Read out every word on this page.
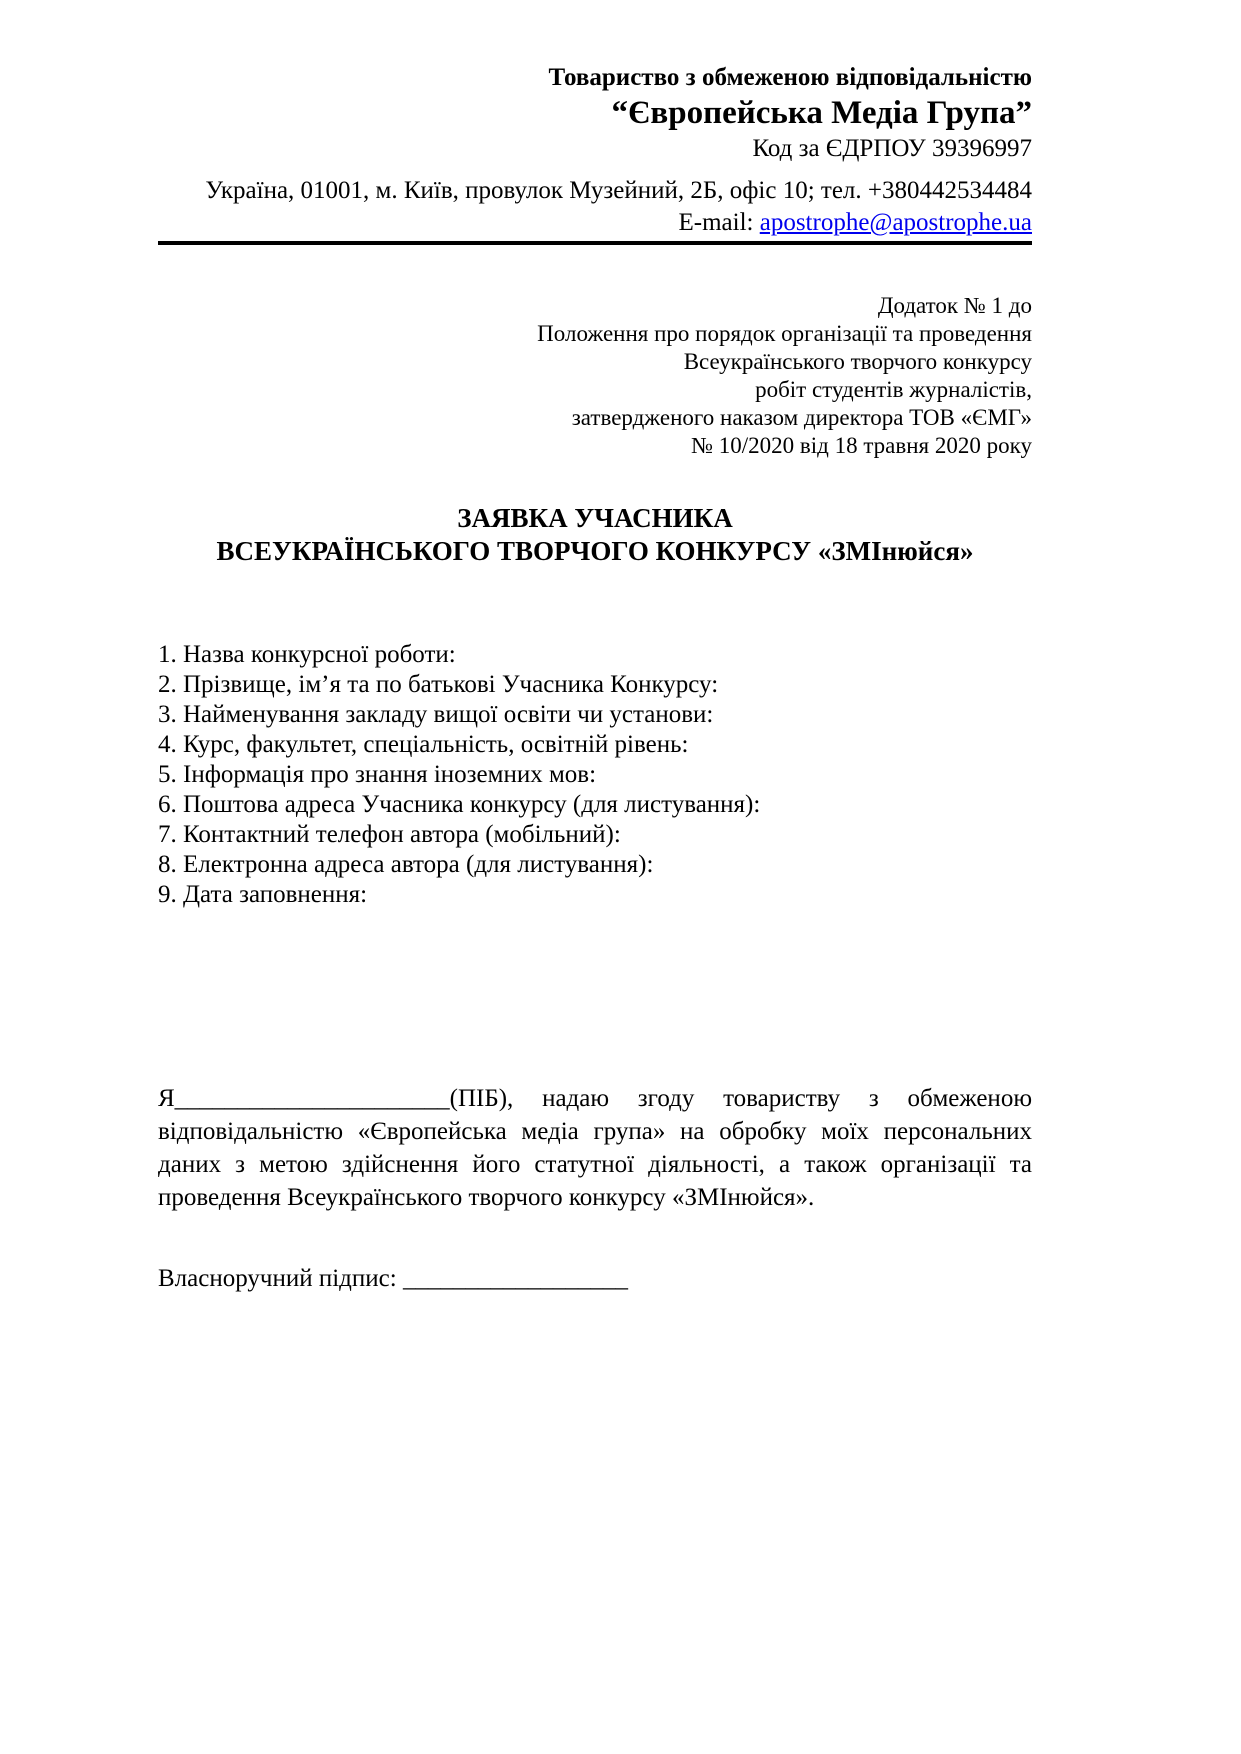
Товариство з обмеженою відповідальністю
“Європейська Медіа Група”
Код за ЄДРПОУ 39396997
Україна, 01001, м. Київ, провулок Музейний, 2Б, офіс 10; тел. +380442534484
E-mail: apostrophe@apostrophe.ua
Додаток № 1 до
Положення про порядок організації та проведення
Всеукраїнського творчого конкурсу
робіт студентів журналістів,
затвердженого наказом директора ТОВ «ЄМГ»
№ 10/2020 від 18 травня 2020 року
ЗАЯВКА УЧАСНИКА
ВСЕУКРАЇНСЬКОГО ТВОРЧОГО КОНКУРСУ «ЗМІнюйся»
1. Назва конкурсної роботи:
2. Прізвище, ім’я та по батькові Учасника Конкурсу:
3. Найменування закладу вищої освіти чи установи:
4. Курс, факультет, спеціальність, освітній рівень:
5. Інформація про знання іноземних мов:
6. Поштова адреса Учасника конкурсу (для листування):
7. Контактний телефон автора (мобільний):
8. Електронна адреса автора (для листування):
9. Дата заповнення:

Я______________________(ПІБ), надаю згоду товариству з обмеженою відповідальністю «Європейська медіа група» на обробку моїх персональних даних з метою здійснення його статутної діяльності, а також організації та проведення Всеукраїнського творчого конкурсу «ЗМІнюйся».

Власноручний підпис: __________________
